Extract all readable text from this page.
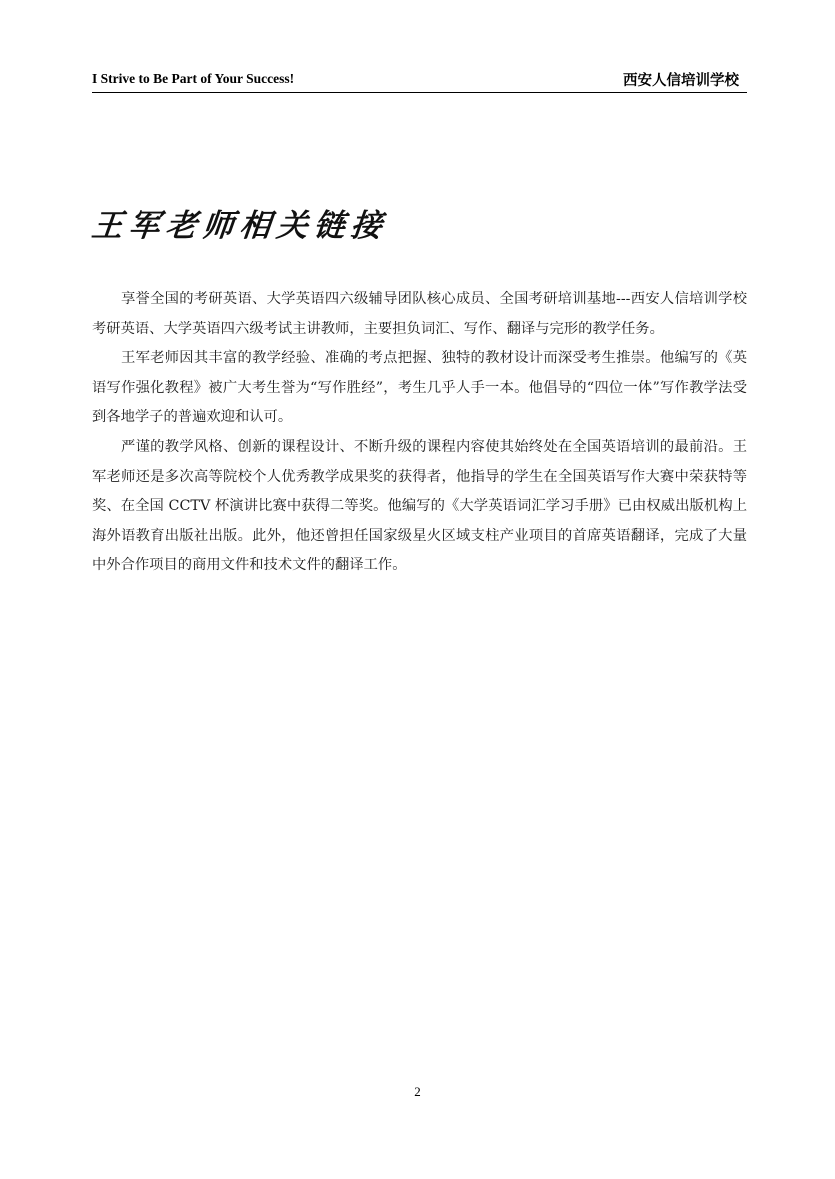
I Strive to Be Part of Your Success!	西安人信培训学校
王军老师相关链接

享誉全国的考研英语、大学英语四六级辅导团队核心成员、全国考研培训基地---西安人信培训学校考研英语、大学英语四六级考试主讲教师，主要担负词汇、写作、翻译与完形的教学任务。

王军老师因其丰富的教学经验、准确的考点把握、独特的教材设计而深受考生推崇。他编写的《英语写作强化教程》被广大考生誉为“写作胜经”，考生几乎人手一本。他倡导的“四位一体”写作教学法受到各地学子的普遍欢迎和认可。

严谨的教学风格、创新的课程设计、不断升级的课程内容使其始终处在全国英语培训的最前沿。王军老师还是多次高等院校个人优秀教学成果奖的获得者，他指导的学生在全国英语写作大赛中荣获特等奖、在全国 CCTV 杯演讲比赛中获得二等奖。他编写的《大学英语词汇学习手册》已由权威出版机构上海外语教育出版社出版。此外，他还曾担任国家级星火区域支柱产业项目的首席英语翻译，完成了大量中外合作项目的商用文件和技术文件的翻译工作。

2
